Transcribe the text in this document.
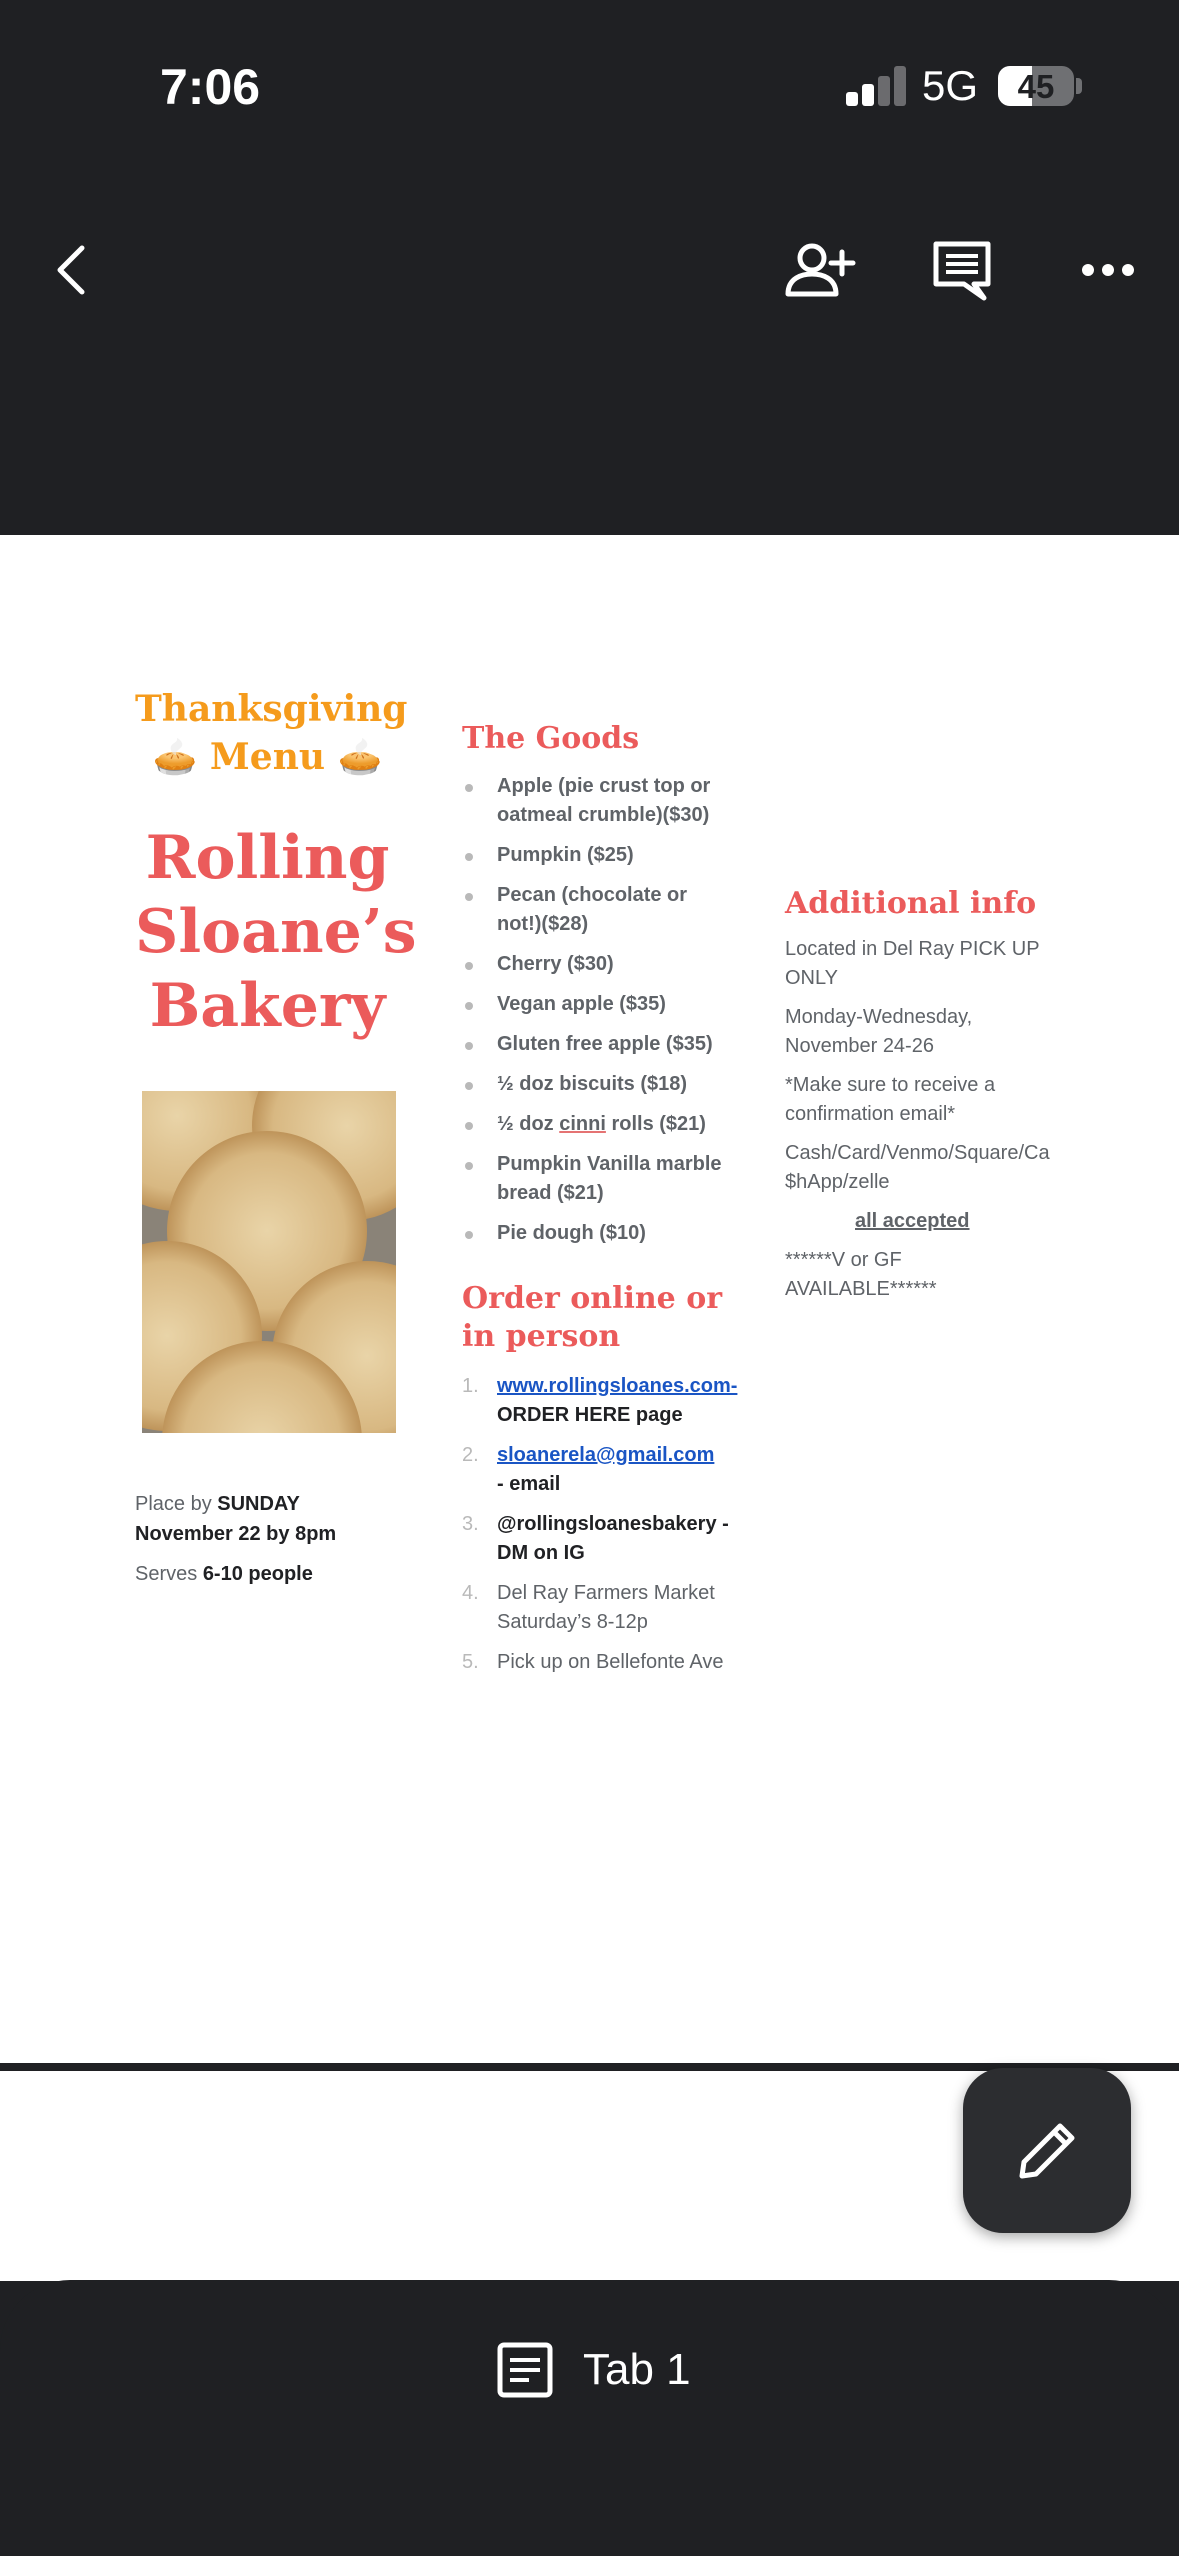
7:06	5G	45
Thanksgiving
🥧 Menu 🥧
Rolling
Sloane’s
Bakery
Place by SUNDAY
November 22 by 8pm
Serves 6-10 people
The Goods
Apple (pie crust top or oatmeal crumble)($30)
Pumpkin ($25)
Pecan (chocolate or not!)($28)
Cherry ($30)
Vegan apple ($35)
Gluten free apple ($35)
½ doz biscuits ($18)
½ doz cinni rolls ($21)
Pumpkin Vanilla marble bread ($21)
Pie dough ($10)
Order online or in person
1. www.rollingsloanes.com- ORDER HERE page
2. sloanerela@gmail.com
- email
3. @rollingsloanesbakery - DM on IG
4. Del Ray Farmers Market Saturday’s 8-12p
5. Pick up on Bellefonte Ave
Additional info
Located in Del Ray PICK UP ONLY
Monday-Wednesday, November 24-26
*Make sure to receive a confirmation email*
Cash/Card/Venmo/Square/Ca$hApp/zelle
all accepted
******V or GF AVAILABLE******
Tab 1
